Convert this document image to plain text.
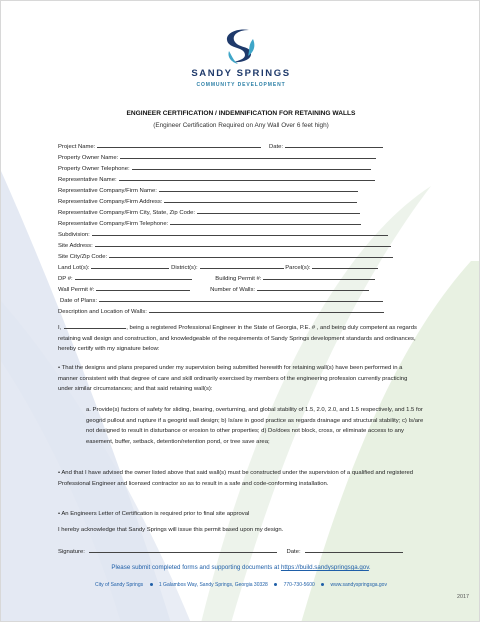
SANDY SPRINGS
COMMUNITY DEVELOPMENT
ENGINEER CERTIFICATION / INDEMNIFICATION FOR RETAINING WALLS
(Engineer Certification Required on Any Wall Over 6 feet high)
Project Name:	Date:
Property Owner Name:
Property Owner Telephone:
Representative Name:
Representative Company/Firm Name:
Representative Company/Firm Address:
Representative Company/Firm City, State, Zip Code:
Representative Company/Firm Telephone:
Subdivision:
Site Address:
Site City/Zip Code:
Land Lot(s):	District(s):	Parcel(s):
DP #:	Building Permit #:
Wall Permit #:	Number of Walls:
Date of Plans:
Description and Location of Walls:

I,	, being a registered Professional Engineer in the State of Georgia, P.E. # , and being duly competent as regards retaining wall design and construction, and knowledgeable of the requirements of Sandy Springs development standards and ordinances, hereby certify with my signature below:

• That the designs and plans prepared under my supervision being submitted herewith for retaining wall(s) have been performed in a manner consistent with that degree of care and skill ordinarily exercised by members of the engineering profession currently practicing under similar circumstances; and that said retaining wall(s):

a. Provide(s) factors of safety for sliding, bearing, overturning, and global stability of 1.5, 2.0, 2.0, and 1.5 respectively, and 1.5 for geogrid pullout and rupture if a geogrid wall design; b) Is/are in good practice as regards drainage and structural stability; c) Is/are not designed to result in disturbance or erosion to other properties; d) Do/does not block, cross, or eliminate access to any easement, buffer, setback, detention/retention pond, or tree save area;

• And that I have advised the owner listed above that said wall(s) must be constructed under the supervision of a qualified and registered Professional Engineer and licensed contractor so as to result in a safe and code-conforming installation.

• An Engineers Letter of Certification is required prior to final site approval

I hereby acknowledge that Sandy Springs will issue this permit based upon my design.

Signature:	Date:
Please submit completed forms and supporting documents at https://build.sandyspringsga.gov.
City of Sandy Springs	1 Galambos Way, Sandy Springs, Georgia 30328	770-730-5600	www.sandyspringsga.gov
2017
